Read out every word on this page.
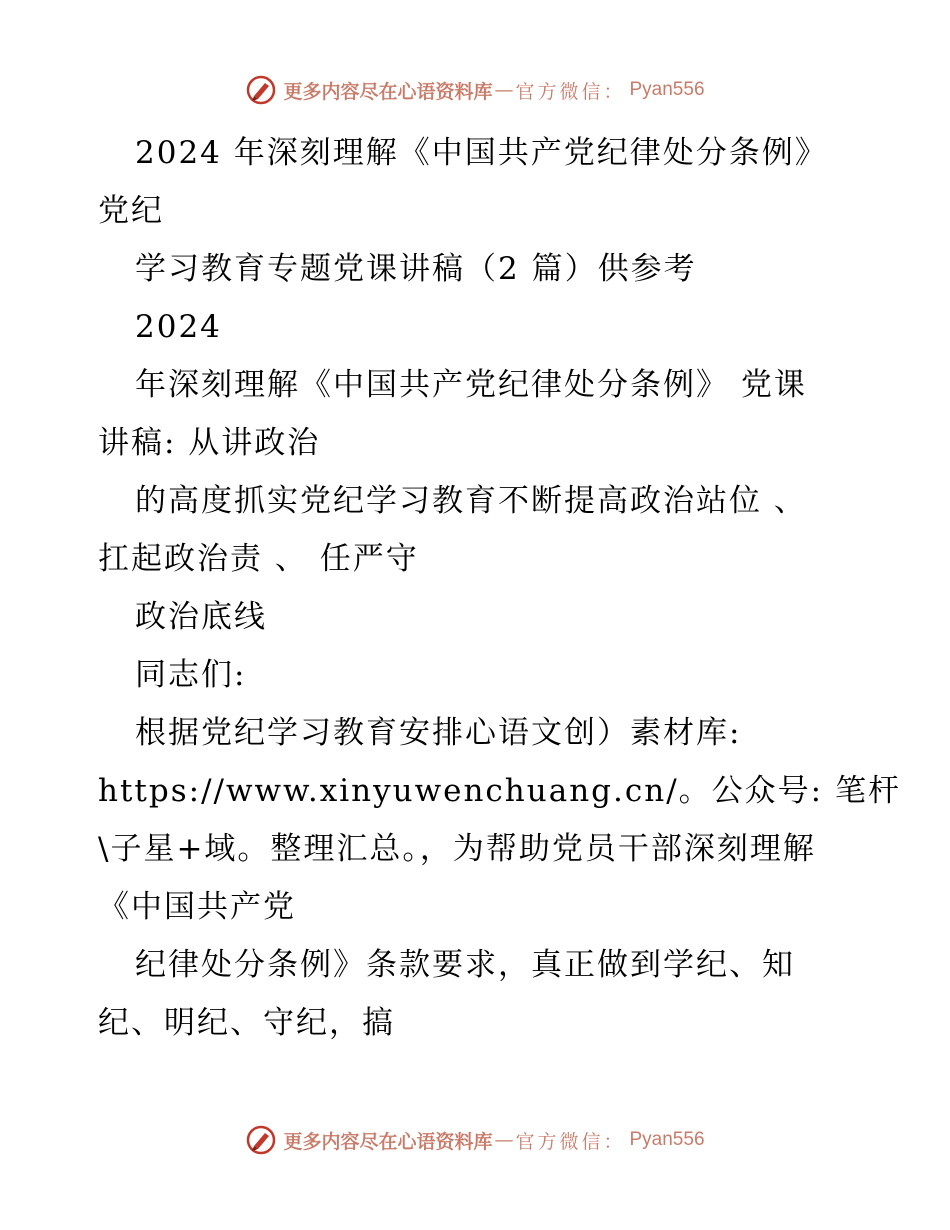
更多内容尽在心语资料库 — 官方微信： Pyan556
2024 年深刻理解《中国共产党纪律处分条例》
党纪
学习教育专题党课讲稿（2 篇）供参考
2024
年深刻理解《中国共产党纪律处分条例》 党课
讲稿: 从讲政治
的高度抓实党纪学习教育不断提高政治站位 、
扛起政治责 、 任严守
政治底线
同志们:
根据党纪学习教育安排心语文创）素材库:
https://www.xinyuwenchuang.cn/。公众号: 笔杆
\子星+域。整理汇总。，为帮助党员干部深刻理解
《中国共产党
纪律处分条例》条款要求，真正做到学纪、知
纪、明纪、守纪，搞
更多内容尽在心语资料库 — 官方微信： Pyan556
